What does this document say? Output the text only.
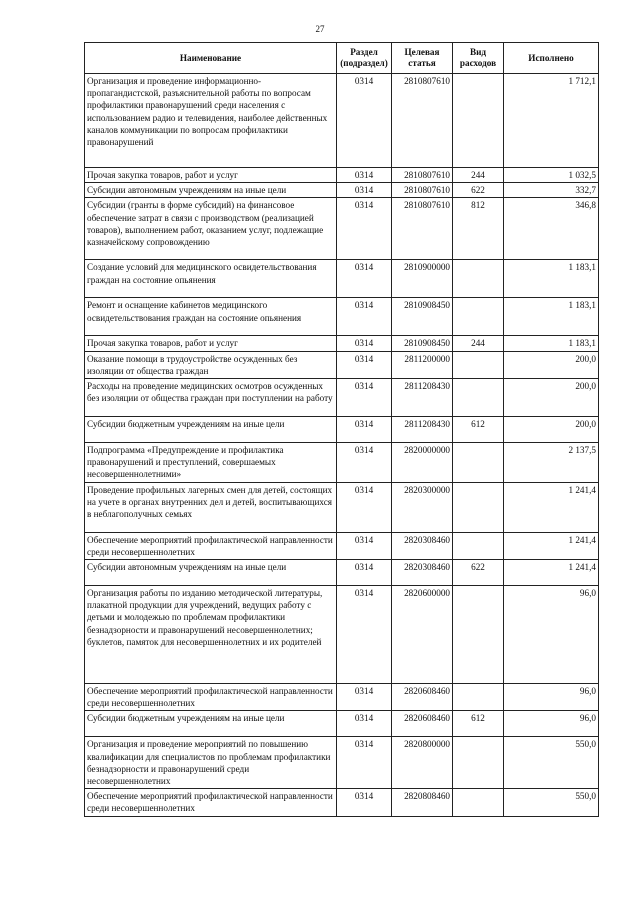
27
Наименование	Раздел (подраздел)	Целевая статья	Вид расходов	Исполнено
Организация и проведение информационно-пропагандистской, разъяснительной работы по вопросам профилактики правонарушений среди населения с использованием радио и телевидения, наиболее действенных каналов коммуникации по вопросам профилактики правонарушений	0314	2810807610		1 712,1
Прочая закупка товаров, работ и услуг	0314	2810807610	244	1 032,5
Субсидии автономным учреждениям на иные цели	0314	2810807610	622	332,7
Субсидии (гранты в форме субсидий) на финансовое обеспечение затрат в связи с производством (реализацией товаров), выполнением работ, оказанием услуг, подлежащие казначейскому сопровождению	0314	2810807610	812	346,8
Создание условий для медицинского освидетельствования граждан на состояние опьянения	0314	2810900000		1 183,1
Ремонт и оснащение кабинетов медицинского освидетельствования граждан на состояние опьянения	0314	2810908450		1 183,1
Прочая закупка товаров, работ и услуг	0314	2810908450	244	1 183,1
Оказание помощи в трудоустройстве осужденных без изоляции от общества граждан	0314	2811200000		200,0
Расходы на проведение медицинских осмотров осужденных без изоляции от общества граждан при поступлении на работу	0314	2811208430		200,0
Субсидии бюджетным учреждениям на иные цели	0314	2811208430	612	200,0
Подпрограмма «Предупреждение и профилактика правонарушений и преступлений, совершаемых несовершеннолетними»	0314	2820000000		2 137,5
Проведение профильных лагерных смен для детей, состоящих на учете в органах внутренних дел и детей, воспитывающихся в неблагополучных семьях	0314	2820300000		1 241,4
Обеспечение мероприятий профилактической направленности среди несовершеннолетних	0314	2820308460		1 241,4
Субсидии автономным учреждениям на иные цели	0314	2820308460	622	1 241,4
Организация работы по изданию методической литературы, плакатной продукции для учреждений, ведущих работу с детьми и молодежью по проблемам профилактики безнадзорности и правонарушений несовершеннолетних; буклетов, памяток для несовершеннолетних и их родителей	0314	2820600000		96,0
Обеспечение мероприятий профилактической направленности среди несовершеннолетних	0314	2820608460		96,0
Субсидии бюджетным учреждениям на иные цели	0314	2820608460	612	96,0
Организация и проведение мероприятий по повышению квалификации для специалистов по проблемам профилактики безнадзорности и правонарушений среди несовершеннолетних	0314	2820800000		550,0
Обеспечение мероприятий профилактической направленности среди несовершеннолетних	0314	2820808460		550,0
